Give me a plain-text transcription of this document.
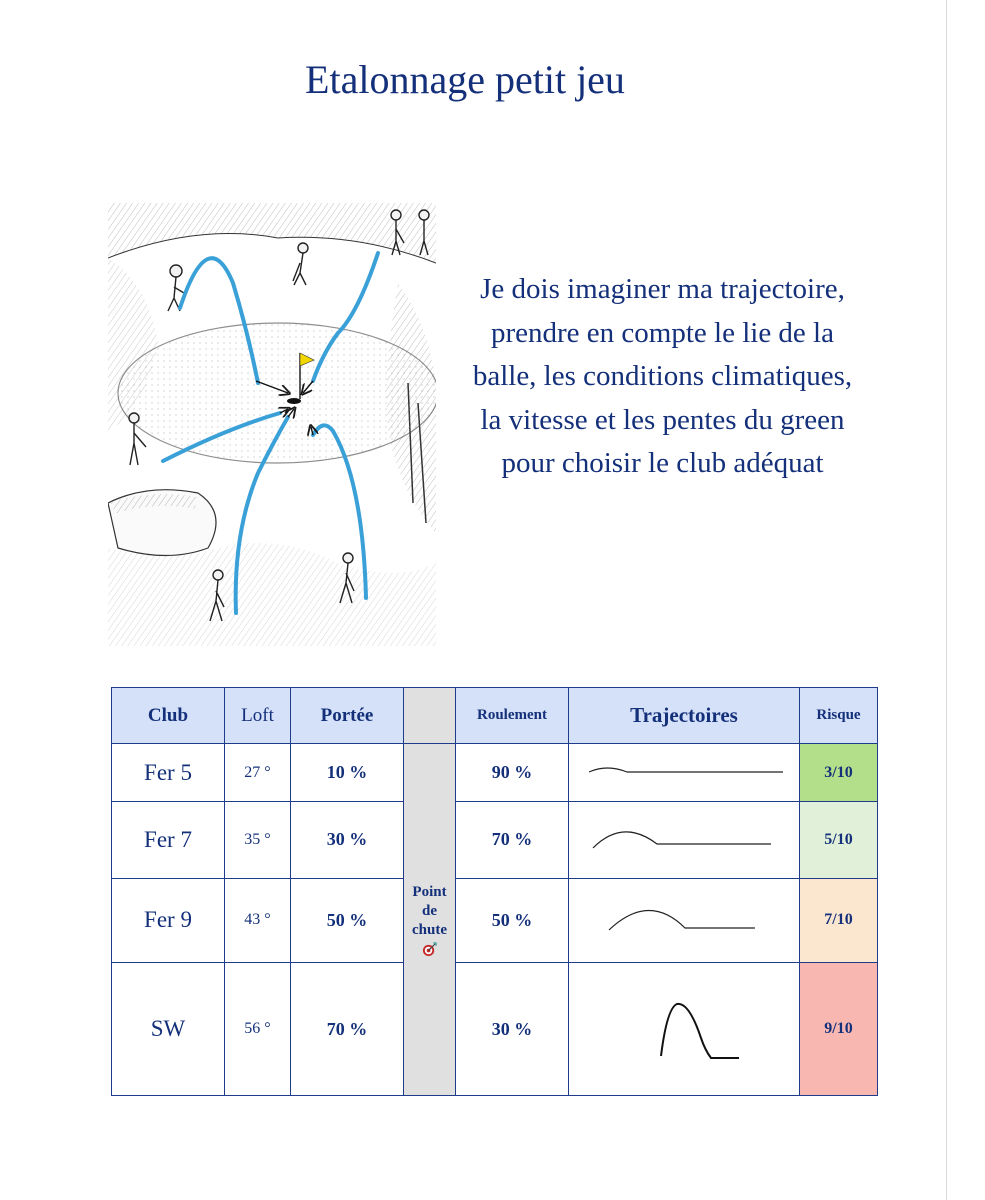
Etalonnage petit jeu
Je dois imaginer ma trajectoire, prendre en compte le lie de la balle, les conditions climatiques, la vitesse et les pentes du green pour choisir le club adéquat
Club	Loft	Portée		Roulement	Trajectoires	Risque
Fer 5	27 °	10 %	Point de chute	90 %		3/10
Fer 7	35 °	30 %		70 %		5/10
Fer 9	43 °	50 %		50 %		7/10
SW	56 °	70 %		30 %		9/10
